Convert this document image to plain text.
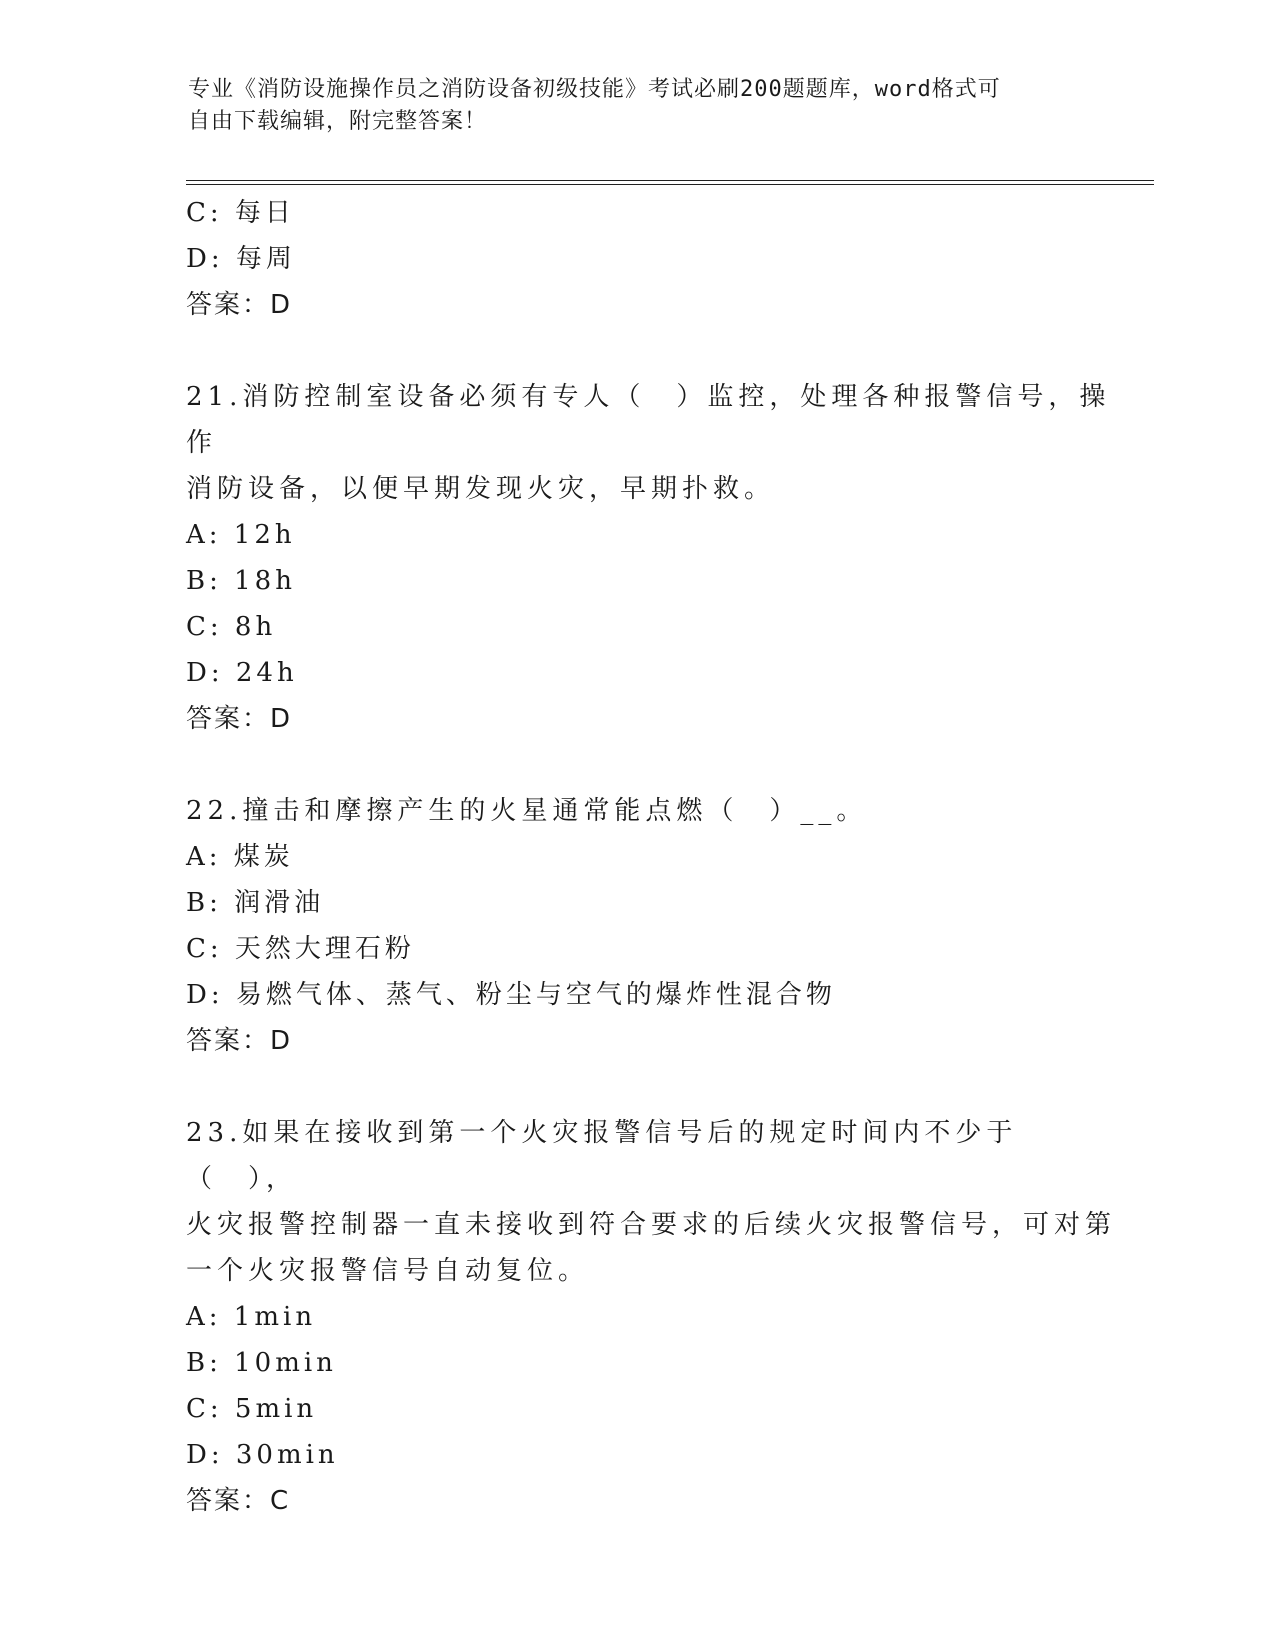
专业《消防设施操作员之消防设备初级技能》考试必刷200题题库，word格式可
自由下载编辑，附完整答案！
C: 每日
D: 每周
答案：D
21.消防控制室设备必须有专人（　）监控，处理各种报警信号，操作
消防设备，以便早期发现火灾，早期扑救。
A: 12h
B: 18h
C: 8h
D: 24h
答案：D
22.撞击和摩擦产生的火星通常能点燃（　）__。
A: 煤炭
B: 润滑油
C: 天然大理石粉
D: 易燃气体、蒸气、粉尘与空气的爆炸性混合物
答案：D
23.如果在接收到第一个火灾报警信号后的规定时间内不少于（　），
火灾报警控制器一直未接收到符合要求的后续火灾报警信号，可对第
一个火灾报警信号自动复位。
A: 1min
B: 10min
C: 5min
D: 30min
答案：C
